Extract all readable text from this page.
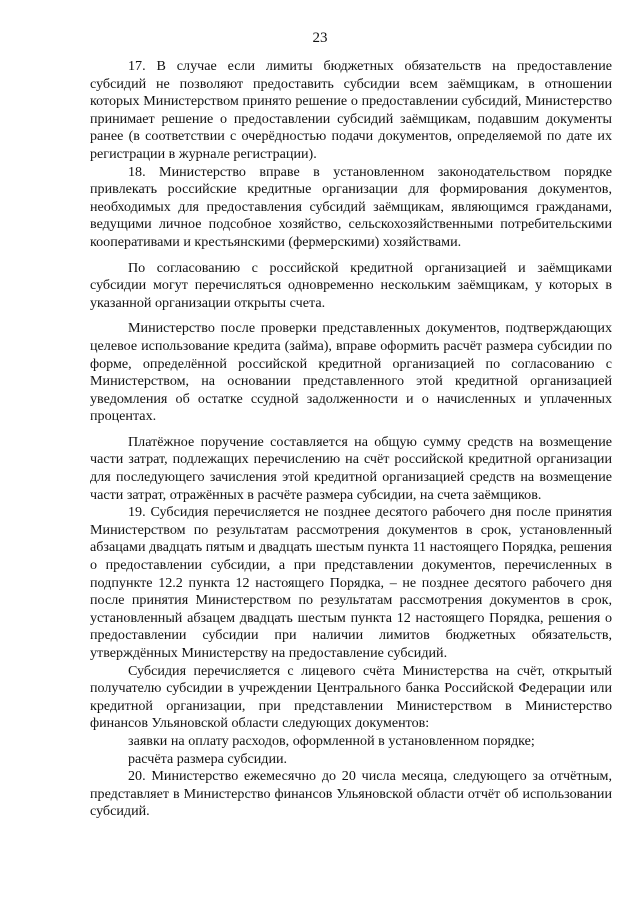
23

17. В случае если лимиты бюджетных обязательств на предоставление субсидий не позволяют предоставить субсидии всем заёмщикам, в отношении которых Министерством принято решение о предоставлении субсидий, Министерство принимает решение о предоставлении субсидий заёмщикам, подавшим документы ранее (в соответствии с очерёдностью подачи документов, определяемой по дате их регистрации в журнале регистрации).

18. Министерство вправе в установленном законодательством порядке привлекать российские кредитные организации для формирования документов, необходимых для предоставления субсидий заёмщикам, являющимся гражданами, ведущими личное подсобное хозяйство, сельскохозяйственными потребительскими кооперативами и крестьянскими (фермерскими) хозяйствами.

По согласованию с российской кредитной организацией и заёмщиками субсидии могут перечисляться одновременно нескольким заёмщикам, у которых в указанной организации открыты счета.

Министерство после проверки представленных документов, подтверждающих целевое использование кредита (займа), вправе оформить расчёт размера субсидии по форме, определённой российской кредитной организацией по согласованию с Министерством, на основании представленного этой кредитной организацией уведомления об остатке ссудной задолженности и о начисленных и уплаченных процентах.

Платёжное поручение составляется на общую сумму средств на возмещение части затрат, подлежащих перечислению на счёт российской кредитной организации для последующего зачисления этой кредитной организацией средств на возмещение части затрат, отражённых в расчёте размера субсидии, на счета заёмщиков.

19. Субсидия перечисляется не позднее десятого рабочего дня после принятия Министерством по результатам рассмотрения документов в срок, установленный абзацами двадцать пятым и двадцать шестым пункта 11 настоящего Порядка, решения о предоставлении субсидии, а при представлении документов, перечисленных в подпункте 12.2 пункта 12 настоящего Порядка, – не позднее десятого рабочего дня после принятия Министерством по результатам рассмотрения документов в срок, установленный абзацем двадцать шестым пункта 12 настоящего Порядка, решения о предоставлении субсидии при наличии лимитов бюджетных обязательств, утверждённых Министерству на предоставление субсидий.

Субсидия перечисляется с лицевого счёта Министерства на счёт, открытый получателю субсидии в учреждении Центрального банка Российской Федерации или кредитной организации, при представлении Министерством в Министерство финансов Ульяновской области следующих документов:

заявки на оплату расходов, оформленной в установленном порядке;

расчёта размера субсидии.

20. Министерство ежемесячно до 20 числа месяца, следующего за отчётным, представляет в Министерство финансов Ульяновской области отчёт об использовании субсидий.
